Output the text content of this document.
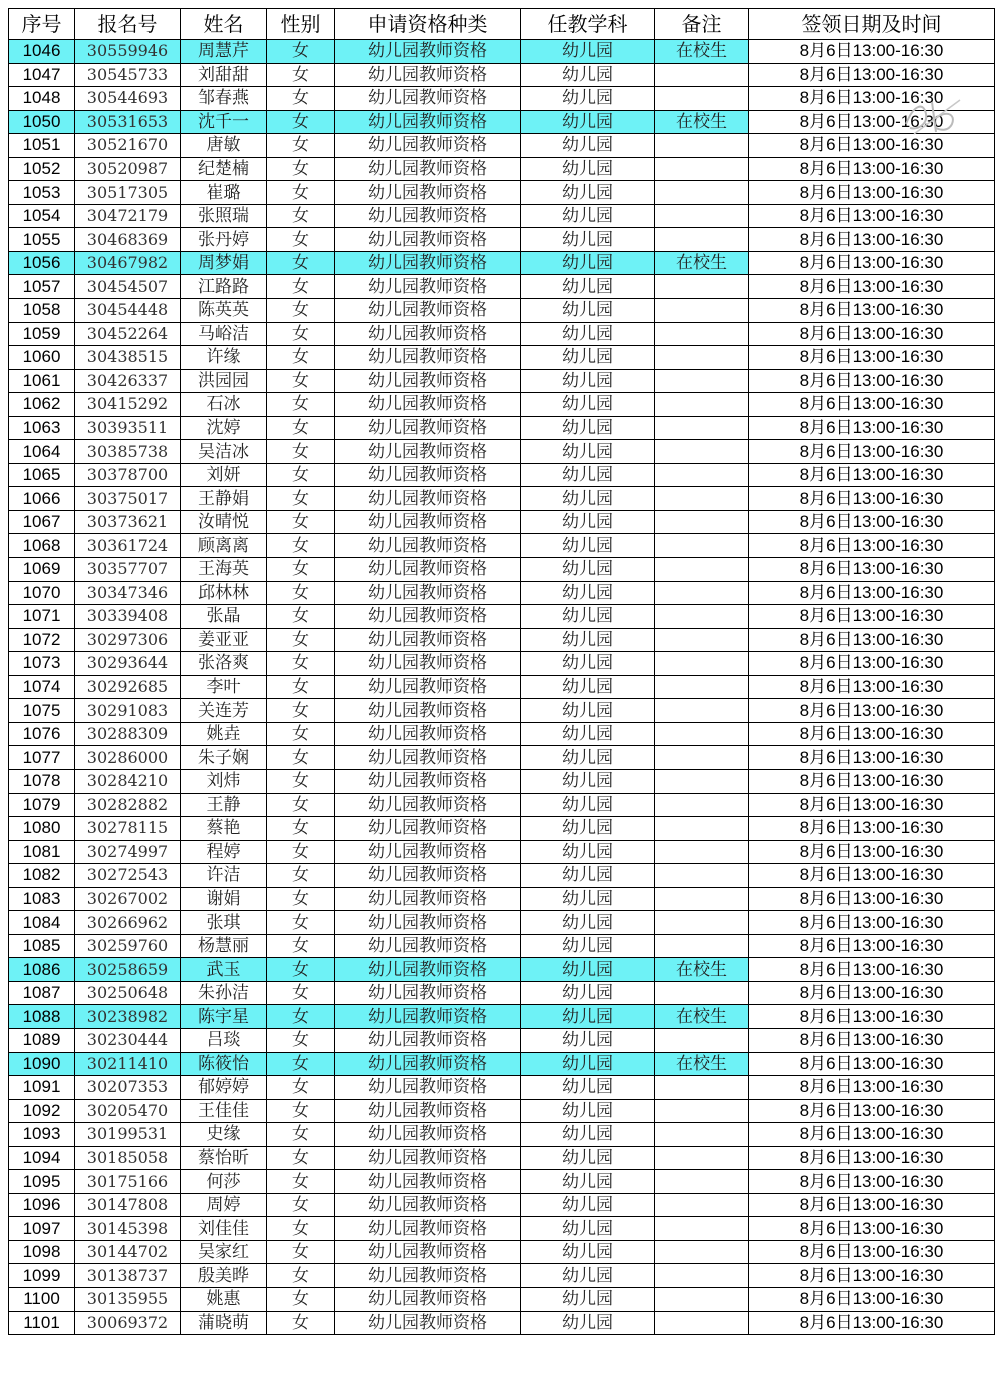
序号	报名号	姓名	性别	申请资格种类	任教学科	备注	签领日期及时间
1046	30559946	周慧芹	女	幼儿园教师资格	幼儿园	在校生	8月6日13:00-16:30
1047	30545733	刘甜甜	女	幼儿园教师资格	幼儿园		8月6日13:00-16:30
1048	30544693	邹春燕	女	幼儿园教师资格	幼儿园		8月6日13:00-16:30
1050	30531653	沈千一	女	幼儿园教师资格	幼儿园	在校生	8月6日13:00-16:30
1051	30521670	唐敏	女	幼儿园教师资格	幼儿园		8月6日13:00-16:30
1052	30520987	纪楚楠	女	幼儿园教师资格	幼儿园		8月6日13:00-16:30
1053	30517305	崔璐	女	幼儿园教师资格	幼儿园		8月6日13:00-16:30
1054	30472179	张照瑞	女	幼儿园教师资格	幼儿园		8月6日13:00-16:30
1055	30468369	张丹婷	女	幼儿园教师资格	幼儿园		8月6日13:00-16:30
1056	30467982	周梦娟	女	幼儿园教师资格	幼儿园	在校生	8月6日13:00-16:30
1057	30454507	江路路	女	幼儿园教师资格	幼儿园		8月6日13:00-16:30
1058	30454448	陈英英	女	幼儿园教师资格	幼儿园		8月6日13:00-16:30
1059	30452264	马峪洁	女	幼儿园教师资格	幼儿园		8月6日13:00-16:30
1060	30438515	许缘	女	幼儿园教师资格	幼儿园		8月6日13:00-16:30
1061	30426337	洪园园	女	幼儿园教师资格	幼儿园		8月6日13:00-16:30
1062	30415292	石冰	女	幼儿园教师资格	幼儿园		8月6日13:00-16:30
1063	30393511	沈婷	女	幼儿园教师资格	幼儿园		8月6日13:00-16:30
1064	30385738	吴洁冰	女	幼儿园教师资格	幼儿园		8月6日13:00-16:30
1065	30378700	刘妍	女	幼儿园教师资格	幼儿园		8月6日13:00-16:30
1066	30375017	王静娟	女	幼儿园教师资格	幼儿园		8月6日13:00-16:30
1067	30373621	汝晴悦	女	幼儿园教师资格	幼儿园		8月6日13:00-16:30
1068	30361724	顾离离	女	幼儿园教师资格	幼儿园		8月6日13:00-16:30
1069	30357707	王海英	女	幼儿园教师资格	幼儿园		8月6日13:00-16:30
1070	30347346	邱林林	女	幼儿园教师资格	幼儿园		8月6日13:00-16:30
1071	30339408	张晶	女	幼儿园教师资格	幼儿园		8月6日13:00-16:30
1072	30297306	姜亚亚	女	幼儿园教师资格	幼儿园		8月6日13:00-16:30
1073	30293644	张洛爽	女	幼儿园教师资格	幼儿园		8月6日13:00-16:30
1074	30292685	李叶	女	幼儿园教师资格	幼儿园		8月6日13:00-16:30
1075	30291083	关连芳	女	幼儿园教师资格	幼儿园		8月6日13:00-16:30
1076	30288309	姚垚	女	幼儿园教师资格	幼儿园		8月6日13:00-16:30
1077	30286000	朱子娴	女	幼儿园教师资格	幼儿园		8月6日13:00-16:30
1078	30284210	刘炜	女	幼儿园教师资格	幼儿园		8月6日13:00-16:30
1079	30282882	王静	女	幼儿园教师资格	幼儿园		8月6日13:00-16:30
1080	30278115	蔡艳	女	幼儿园教师资格	幼儿园		8月6日13:00-16:30
1081	30274997	程婷	女	幼儿园教师资格	幼儿园		8月6日13:00-16:30
1082	30272543	许洁	女	幼儿园教师资格	幼儿园		8月6日13:00-16:30
1083	30267002	谢娟	女	幼儿园教师资格	幼儿园		8月6日13:00-16:30
1084	30266962	张琪	女	幼儿园教师资格	幼儿园		8月6日13:00-16:30
1085	30259760	杨慧丽	女	幼儿园教师资格	幼儿园		8月6日13:00-16:30
1086	30258659	武玉	女	幼儿园教师资格	幼儿园	在校生	8月6日13:00-16:30
1087	30250648	朱孙洁	女	幼儿园教师资格	幼儿园		8月6日13:00-16:30
1088	30238982	陈宇星	女	幼儿园教师资格	幼儿园	在校生	8月6日13:00-16:30
1089	30230444	吕琰	女	幼儿园教师资格	幼儿园		8月6日13:00-16:30
1090	30211410	陈筱怡	女	幼儿园教师资格	幼儿园	在校生	8月6日13:00-16:30
1091	30207353	郁婷婷	女	幼儿园教师资格	幼儿园		8月6日13:00-16:30
1092	30205470	王佳佳	女	幼儿园教师资格	幼儿园		8月6日13:00-16:30
1093	30199531	史缘	女	幼儿园教师资格	幼儿园		8月6日13:00-16:30
1094	30185058	蔡怡昕	女	幼儿园教师资格	幼儿园		8月6日13:00-16:30
1095	30175166	何莎	女	幼儿园教师资格	幼儿园		8月6日13:00-16:30
1096	30147808	周婷	女	幼儿园教师资格	幼儿园		8月6日13:00-16:30
1097	30145398	刘佳佳	女	幼儿园教师资格	幼儿园		8月6日13:00-16:30
1098	30144702	吴家红	女	幼儿园教师资格	幼儿园		8月6日13:00-16:30
1099	30138737	殷美晔	女	幼儿园教师资格	幼儿园		8月6日13:00-16:30
1100	30135955	姚惠	女	幼儿园教师资格	幼儿园		8月6日13:00-16:30
1101	30069372	蒲晓萌	女	幼儿园教师资格	幼儿园		8月6日13:00-16:30
